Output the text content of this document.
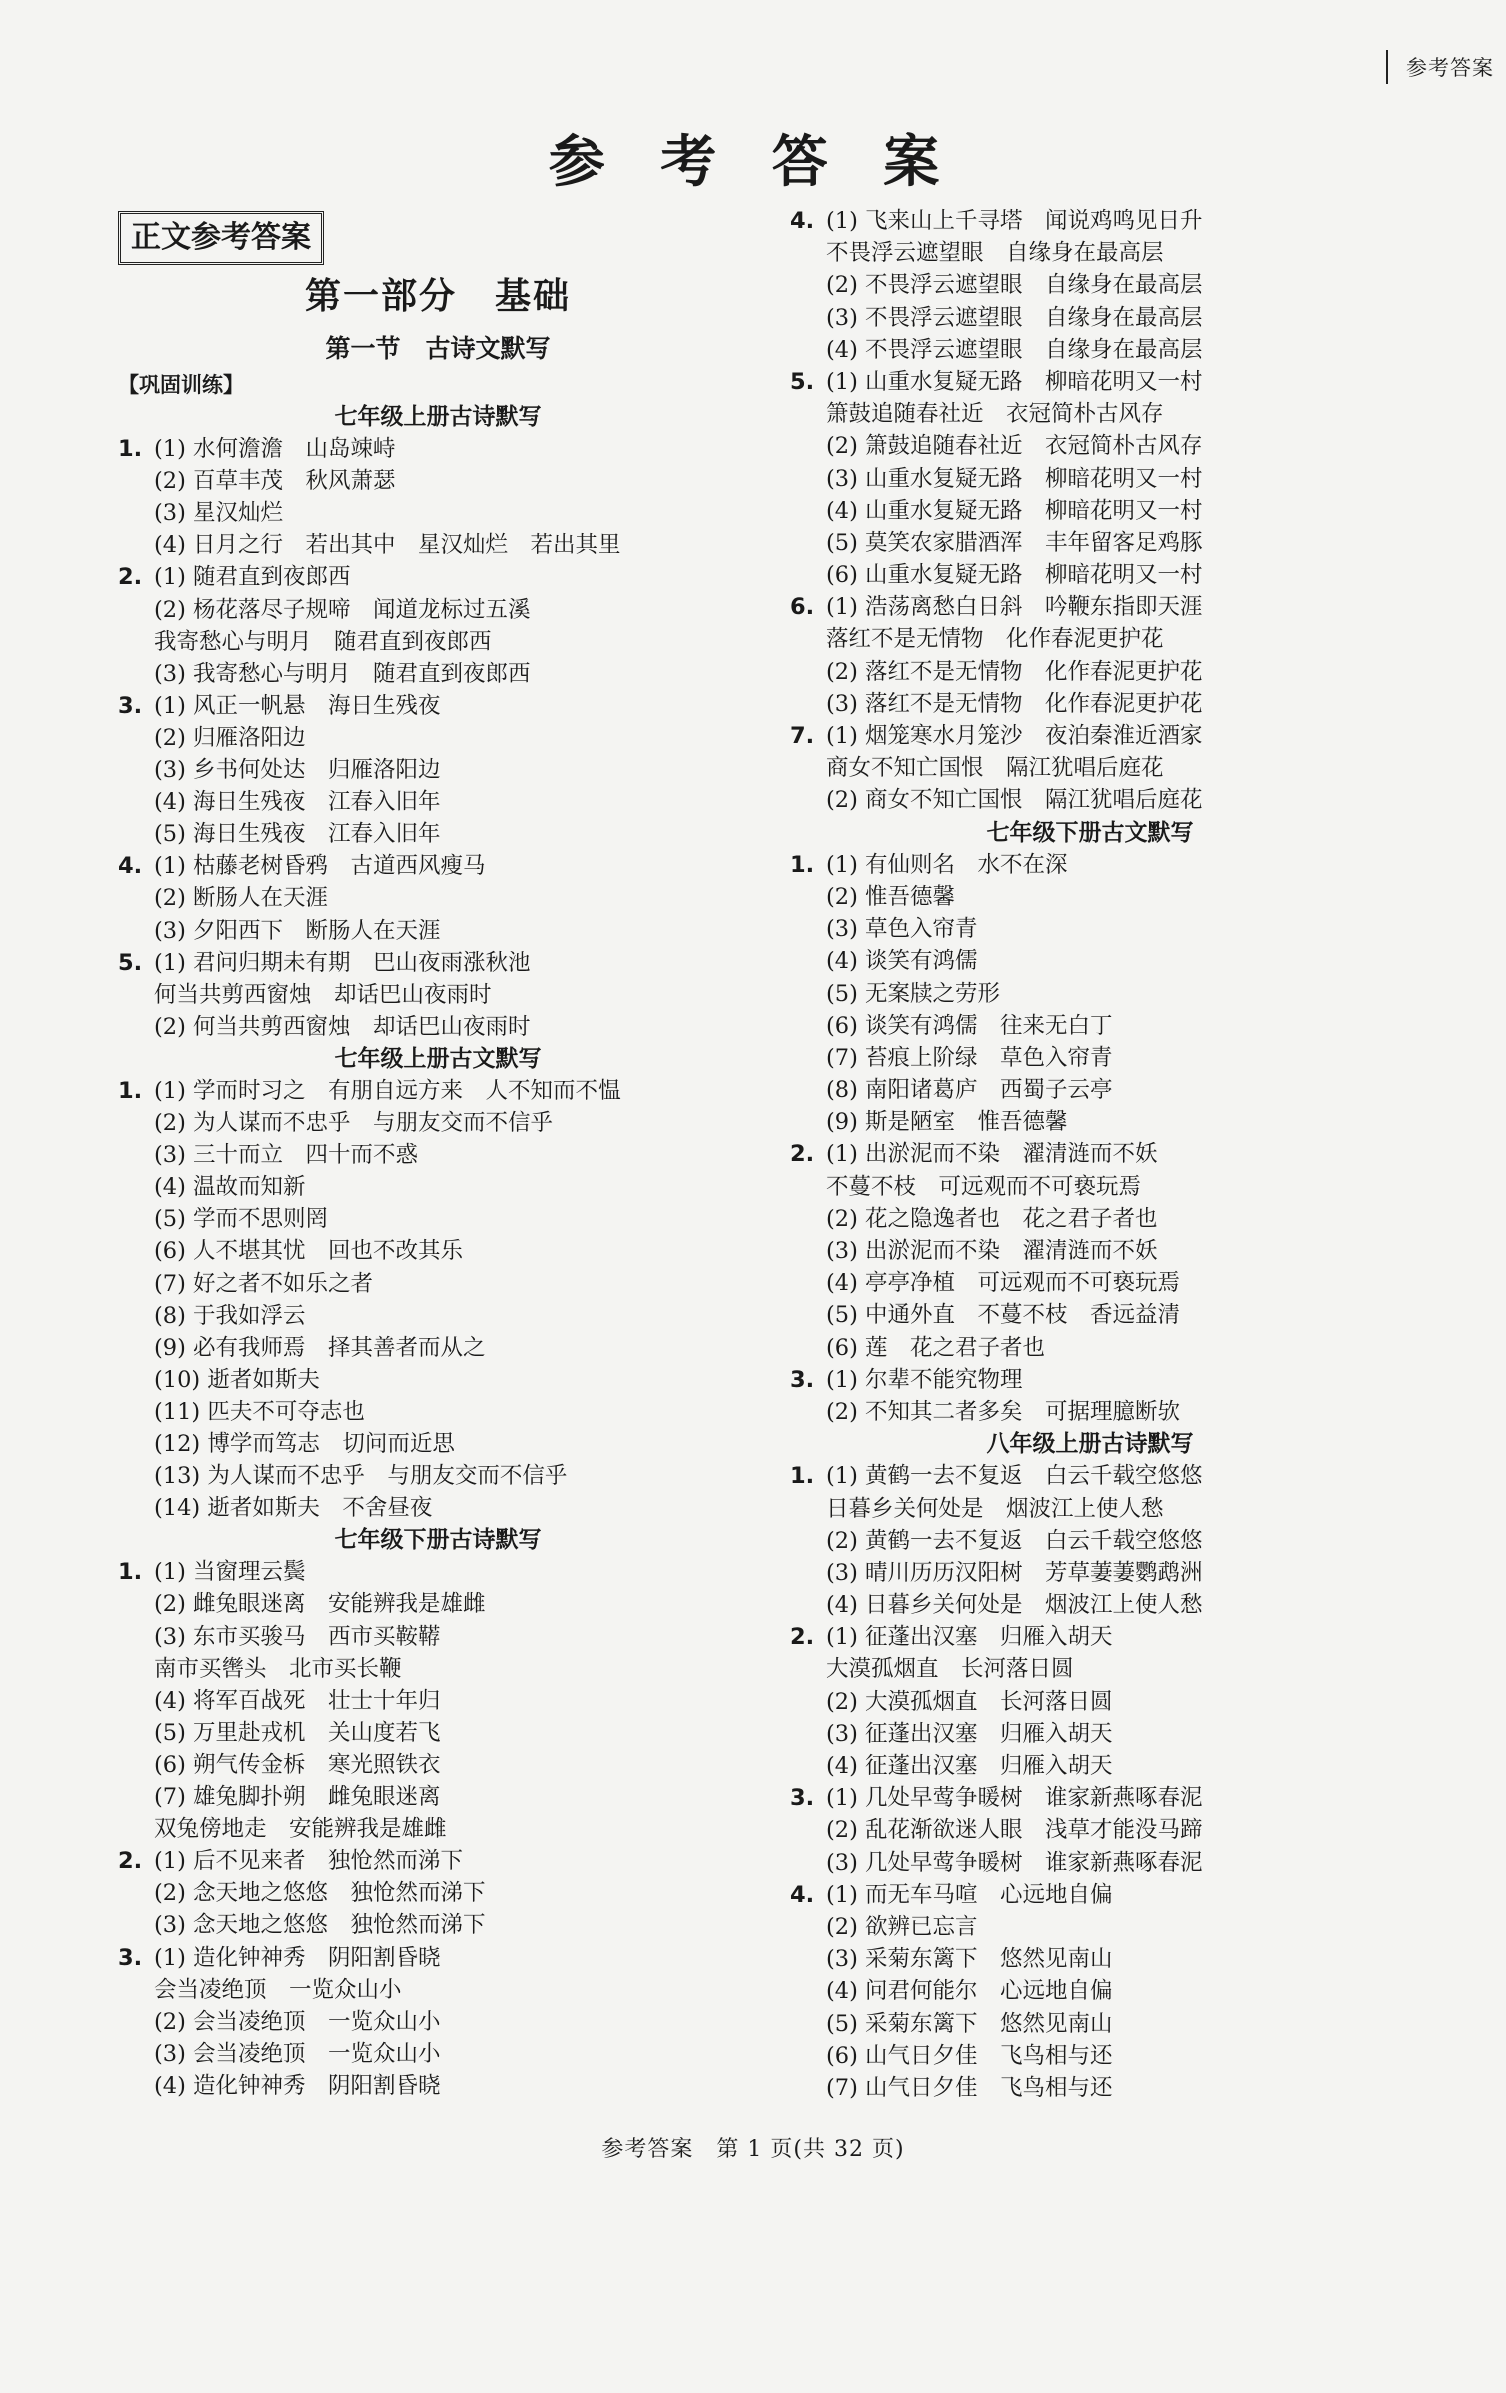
参考答案
参 考 答 案
正文参考答案
第一部分　基础
第一节　古诗文默写
【巩固训练】
七年级上册古诗默写
1. (1) 水何澹澹　山岛竦峙
(2) 百草丰茂　秋风萧瑟
(3) 星汉灿烂
(4) 日月之行　若出其中　星汉灿烂　若出其里
2. (1) 随君直到夜郎西
(2) 杨花落尽子规啼　闻道龙标过五溪
我寄愁心与明月　随君直到夜郎西
(3) 我寄愁心与明月　随君直到夜郎西
3. (1) 风正一帆悬　海日生残夜
(2) 归雁洛阳边
(3) 乡书何处达　归雁洛阳边
(4) 海日生残夜　江春入旧年
(5) 海日生残夜　江春入旧年
4. (1) 枯藤老树昏鸦　古道西风瘦马
(2) 断肠人在天涯
(3) 夕阳西下　断肠人在天涯
5. (1) 君问归期未有期　巴山夜雨涨秋池
何当共剪西窗烛　却话巴山夜雨时
(2) 何当共剪西窗烛　却话巴山夜雨时
七年级上册古文默写
1. (1) 学而时习之　有朋自远方来　人不知而不愠
(2) 为人谋而不忠乎　与朋友交而不信乎
(3) 三十而立　四十而不惑
(4) 温故而知新
(5) 学而不思则罔
(6) 人不堪其忧　回也不改其乐
(7) 好之者不如乐之者
(8) 于我如浮云
(9) 必有我师焉　择其善者而从之
(10) 逝者如斯夫
(11) 匹夫不可夺志也
(12) 博学而笃志　切问而近思
(13) 为人谋而不忠乎　与朋友交而不信乎
(14) 逝者如斯夫　不舍昼夜
七年级下册古诗默写
1. (1) 当窗理云鬓
(2) 雌兔眼迷离　安能辨我是雄雌
(3) 东市买骏马　西市买鞍鞯
南市买辔头　北市买长鞭
(4) 将军百战死　壮士十年归
(5) 万里赴戎机　关山度若飞
(6) 朔气传金柝　寒光照铁衣
(7) 雄兔脚扑朔　雌兔眼迷离
双兔傍地走　安能辨我是雄雌
2. (1) 后不见来者　独怆然而涕下
(2) 念天地之悠悠　独怆然而涕下
(3) 念天地之悠悠　独怆然而涕下
3. (1) 造化钟神秀　阴阳割昏晓
会当凌绝顶　一览众山小
(2) 会当凌绝顶　一览众山小
(3) 会当凌绝顶　一览众山小
(4) 造化钟神秀　阴阳割昏晓
4. (1) 飞来山上千寻塔　闻说鸡鸣见日升
不畏浮云遮望眼　自缘身在最高层
(2) 不畏浮云遮望眼　自缘身在最高层
(3) 不畏浮云遮望眼　自缘身在最高层
(4) 不畏浮云遮望眼　自缘身在最高层
5. (1) 山重水复疑无路　柳暗花明又一村
箫鼓追随春社近　衣冠简朴古风存
(2) 箫鼓追随春社近　衣冠简朴古风存
(3) 山重水复疑无路　柳暗花明又一村
(4) 山重水复疑无路　柳暗花明又一村
(5) 莫笑农家腊酒浑　丰年留客足鸡豚
(6) 山重水复疑无路　柳暗花明又一村
6. (1) 浩荡离愁白日斜　吟鞭东指即天涯
落红不是无情物　化作春泥更护花
(2) 落红不是无情物　化作春泥更护花
(3) 落红不是无情物　化作春泥更护花
7. (1) 烟笼寒水月笼沙　夜泊秦淮近酒家
商女不知亡国恨　隔江犹唱后庭花
(2) 商女不知亡国恨　隔江犹唱后庭花
七年级下册古文默写
1. (1) 有仙则名　水不在深
(2) 惟吾德馨
(3) 草色入帘青
(4) 谈笑有鸿儒
(5) 无案牍之劳形
(6) 谈笑有鸿儒　往来无白丁
(7) 苔痕上阶绿　草色入帘青
(8) 南阳诸葛庐　西蜀子云亭
(9) 斯是陋室　惟吾德馨
2. (1) 出淤泥而不染　濯清涟而不妖
不蔓不枝　可远观而不可亵玩焉
(2) 花之隐逸者也　花之君子者也
(3) 出淤泥而不染　濯清涟而不妖
(4) 亭亭净植　可远观而不可亵玩焉
(5) 中通外直　不蔓不枝　香远益清
(6) 莲　花之君子者也
3. (1) 尔辈不能究物理
(2) 不知其二者多矣　可据理臆断欤
八年级上册古诗默写
1. (1) 黄鹤一去不复返　白云千载空悠悠
日暮乡关何处是　烟波江上使人愁
(2) 黄鹤一去不复返　白云千载空悠悠
(3) 晴川历历汉阳树　芳草萋萋鹦鹉洲
(4) 日暮乡关何处是　烟波江上使人愁
2. (1) 征蓬出汉塞　归雁入胡天
大漠孤烟直　长河落日圆
(2) 大漠孤烟直　长河落日圆
(3) 征蓬出汉塞　归雁入胡天
(4) 征蓬出汉塞　归雁入胡天
3. (1) 几处早莺争暖树　谁家新燕啄春泥
(2) 乱花渐欲迷人眼　浅草才能没马蹄
(3) 几处早莺争暖树　谁家新燕啄春泥
4. (1) 而无车马喧　心远地自偏
(2) 欲辨已忘言
(3) 采菊东篱下　悠然见南山
(4) 问君何能尔　心远地自偏
(5) 采菊东篱下　悠然见南山
(6) 山气日夕佳　飞鸟相与还
(7) 山气日夕佳　飞鸟相与还
参考答案　第 1 页(共 32 页)
